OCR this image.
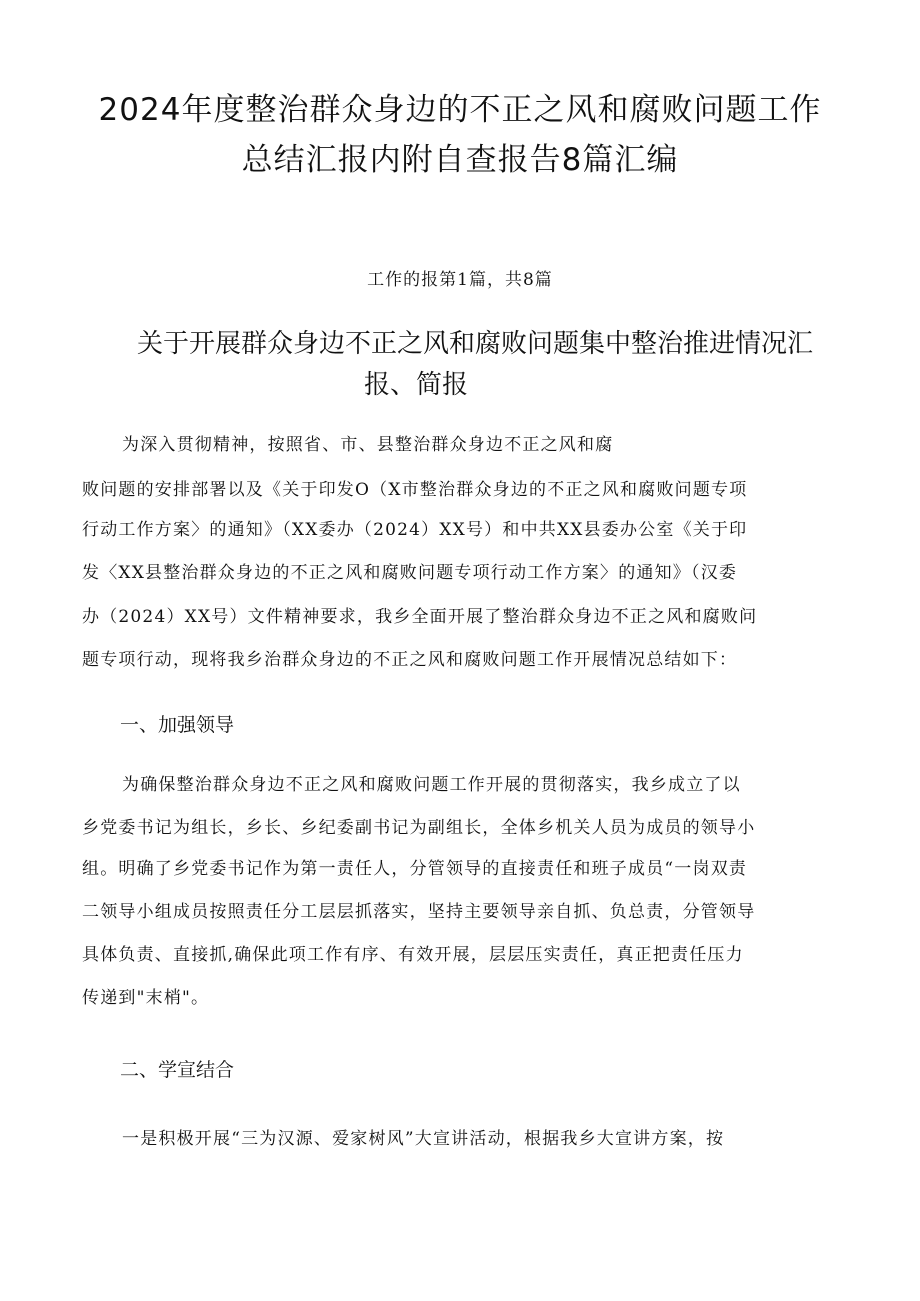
2024年度整治群众身边的不正之风和腐败问题工作
总结汇报内附自查报告8篇汇编
工作的报第1篇，共8篇
关于开展群众身边不正之风和腐败问题集中整治推进情况汇
报、简报
为深入贯彻精神，按照省、市、县整治群众身边不正之风和腐
败问题的安排部署以及《关于印发O（X市整治群众身边的不正之风和腐败问题专项
行动工作方案〉的通知》（XX委办（2024）XX号）和中共XX县委办公室《关于印
发〈XX县整治群众身边的不正之风和腐败问题专项行动工作方案〉的通知》（汉委
办（2024）XX号）文件精神要求，我乡全面开展了整治群众身边不正之风和腐败问
题专项行动，现将我乡治群众身边的不正之风和腐败问题工作开展情况总结如下：
一、加强领导
为确保整治群众身边不正之风和腐败问题工作开展的贯彻落实，我乡成立了以
乡党委书记为组长，乡长、乡纪委副书记为副组长，全体乡机关人员为成员的领导小
组。明确了乡党委书记作为第一责任人，分管领导的直接责任和班子成员“一岗双责
二领导小组成员按照责任分工层层抓落实，坚持主要领导亲自抓、负总责，分管领导
具体负责、直接抓,确保此项工作有序、有效开展，层层压实责任，真正把责任压力
传递到"末梢"。
二、学宣结合
一是积极开展“三为汉源、爱家树风”大宣讲活动，根据我乡大宣讲方案，按
